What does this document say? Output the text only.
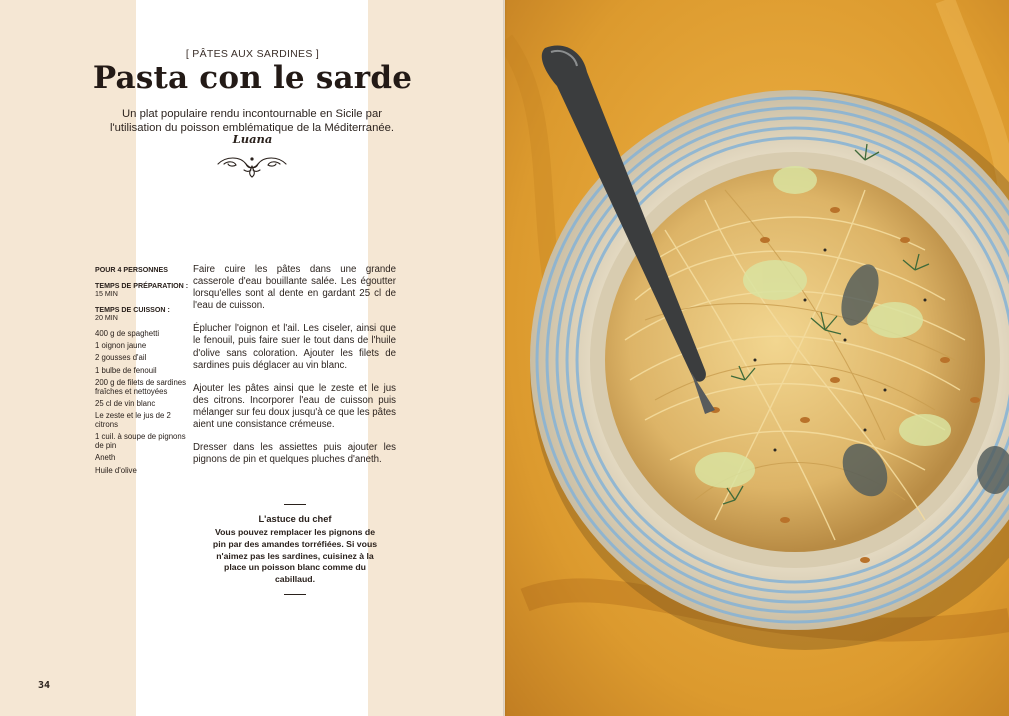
[ PÂTES AUX SARDINES ]
Pasta con le sarde
Un plat populaire rendu incontournable en Sicile par l'utilisation du poisson emblématique de la Méditerranée.
Luana
POUR 4 PERSONNES
TEMPS DE PRÉPARATION :
15 MIN
TEMPS DE CUISSON :
20 MIN
400 g de spaghetti
1 oignon jaune
2 gousses d'ail
1 bulbe de fenouil
200 g de filets de sardines fraîches et nettoyées
25 cl de vin blanc
Le zeste et le jus de 2 citrons
1 cuil. à soupe de pignons de pin
Aneth
Huile d'olive

Faire cuire les pâtes dans une grande casserole d'eau bouillante salée. Les égoutter lorsqu'elles sont al dente en gardant 25 cl de l'eau de cuisson.

Éplucher l'oignon et l'ail. Les ciseler, ainsi que le fenouil, puis faire suer le tout dans de l'huile d'olive sans coloration. Ajouter les filets de sardines puis déglacer au vin blanc.

Ajouter les pâtes ainsi que le zeste et le jus des citrons. Incorporer l'eau de cuisson puis mélanger sur feu doux jusqu'à ce que les pâtes aient une consistance crémeuse.

Dresser dans les assiettes puis ajouter les pignons de pin et quelques pluches d'aneth.

L'astuce du chef
Vous pouvez remplacer les pignons de pin par des amandes torréfiées. Si vous n'aimez pas les sardines, cuisinez à la place un poisson blanc comme du cabillaud.
34
